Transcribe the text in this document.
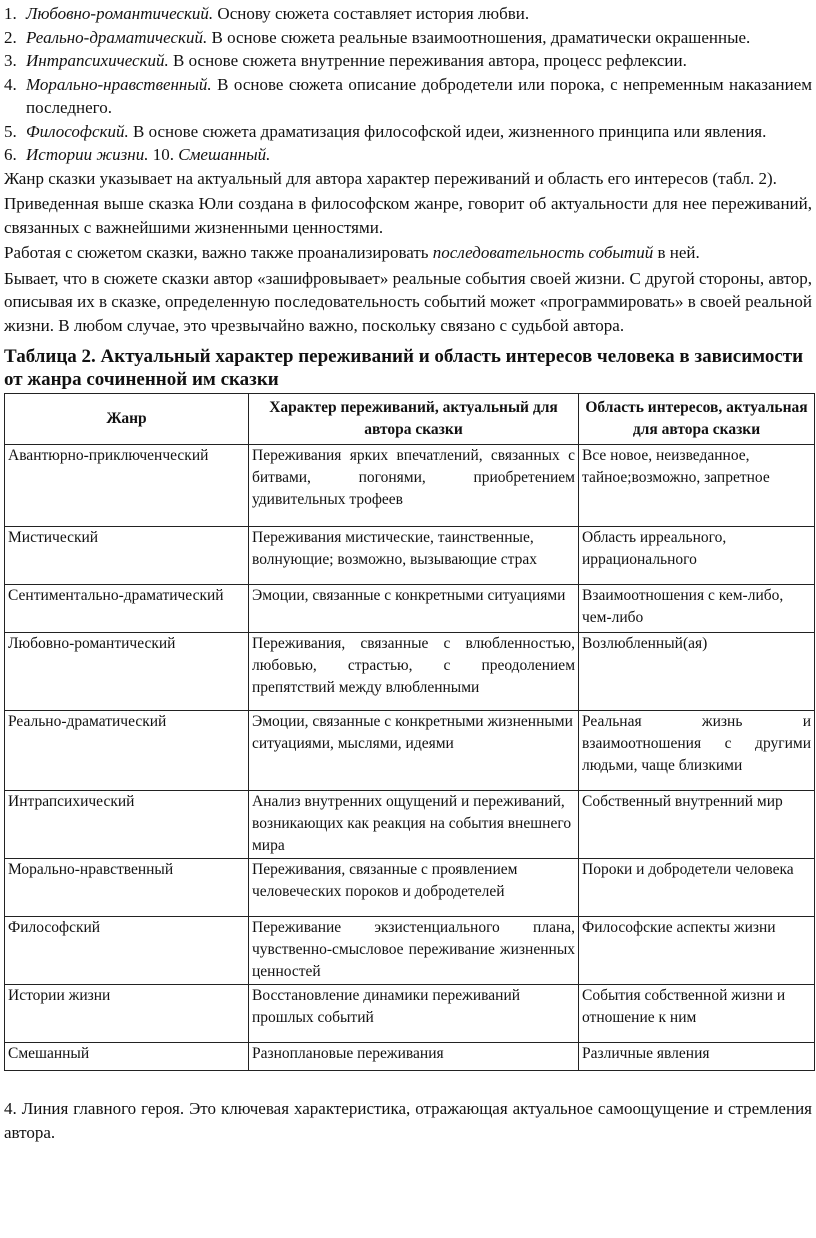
1. Любовно-романтический. Основу сюжета составляет история любви.
2. Реально-драматический. В основе сюжета реальные взаимоотношения, драматически окрашенные.
3. Интрапсихический. В основе сюжета внутренние переживания автора, процесс рефлексии.
4. Морально-нравственный. В основе сюжета описание добродетели или порока, с непременным наказанием последнего.
5. Философский. В основе сюжета драматизация философской идеи, жизненного принципа или явления.
6. Истории жизни. 10. Смешанный.

Жанр сказки указывает на актуальный для автора характер переживаний и область его интересов (табл. 2).

Приведенная выше сказка Юли создана в философском жанре, говорит об актуальности для нее переживаний, связанных с важнейшими жизненными ценностями.

Работая с сюжетом сказки, важно также проанализировать последовательность событий в ней.

Бывает, что в сюжете сказки автор «зашифровывает» реальные события своей жизни. С другой стороны, автор, описывая их в сказке, определенную последовательность событий может «программировать» в своей реальной жизни. В любом случае, это чрезвычайно важно, поскольку связано с судьбой автора.

Таблица 2. Актуальный характер переживаний и область интересов человека в зависимости от жанра сочиненной им сказки
Жанр	Характер переживаний, актуальный для автора сказки	Область интересов, актуальная для автора сказки
Авантюрно-приключенческий	Переживания ярких впечатлений, связанных с битвами, погонями, приобретением удивительных трофеев	Все новое, неизведанное, тайное;возможно, запретное
Мистический	Переживания мистические, таинственные, волнующие; возможно, вызывающие страх	Область ирреального, иррационального
Сентиментально-драматический	Эмоции, связанные с конкретными ситуациями	Взаимоотношения с кем-либо, чем-либо
Любовно-романтический	Переживания, связанные с влюбленностью, любовью, страстью, с преодолением препятствий между влюбленными	Возлюбленный(ая)
Реально-драматический	Эмоции, связанные с конкретными жизненными ситуациями, мыслями, идеями	Реальная жизнь и взаимоотношения с другими людьми, чаще близкими
Интрапсихический	Анализ внутренних ощущений и переживаний, возникающих как реакция на события внешнего мира	Собственный внутренний мир
Морально-нравственный	Переживания, связанные с проявлением человеческих пороков и добродетелей	Пороки и добродетели человека
Философский	Переживание экзистенциального плана, чувственно-смысловое переживание жизненных ценностей	Философские аспекты жизни
Истории жизни	Восстановление динамики переживаний прошлых событий	События собственной жизни и отношение к ним
Смешанный	Разноплановые переживания	Различные явления

4. Линия главного героя. Это ключевая характеристика, отражающая актуальное самоощущение и стремления автора.
